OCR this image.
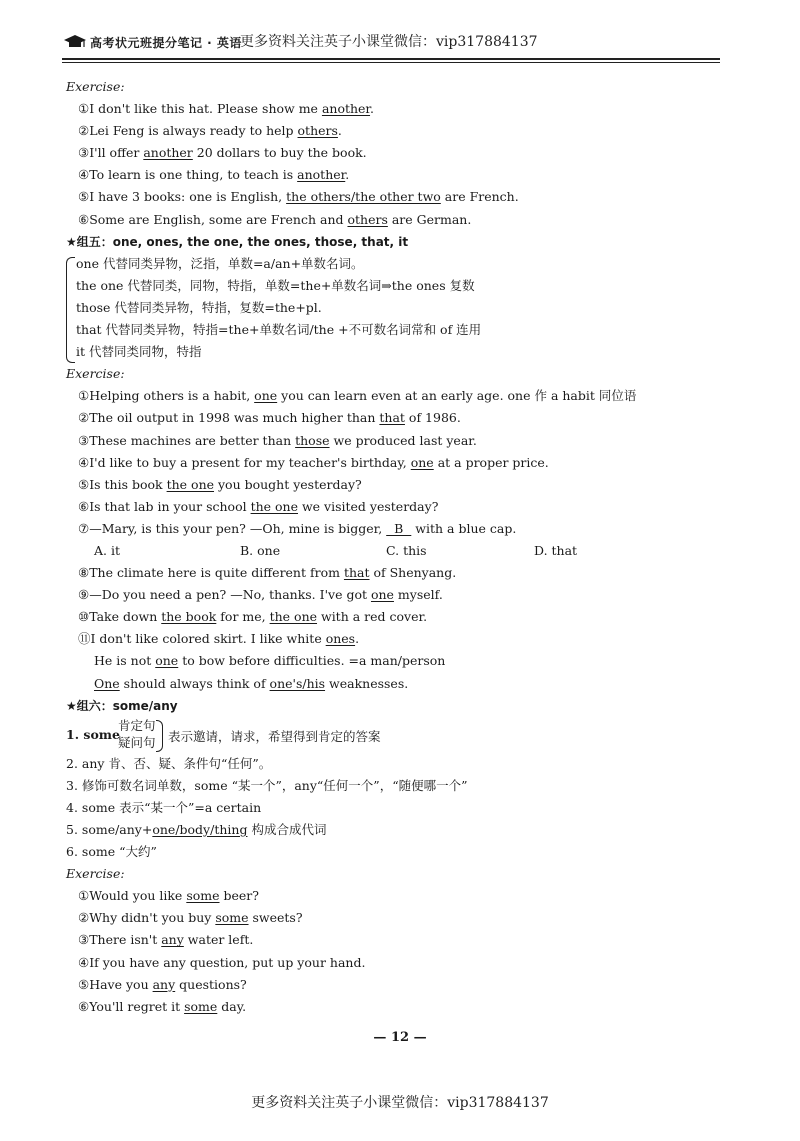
高考状元班提分笔记 · 英语
更多资料关注英子小课堂微信：vip317884137
Exercise:
①I don't like this hat. Please show me another.
②Lei Feng is always ready to help others.
③I'll offer another 20 dollars to buy the book.
④To learn is one thing, to teach is another.
⑤I have 3 books: one is English, the others/the other two are French.
⑥Some are English, some are French and others are German.
★组五：one, ones, the one, the ones, those, that, it
one 代替同类异物，泛指，单数=a/an+单数名词。
the one 代替同类，同物，特指，单数=the+单数名词⇒the ones 复数
those 代替同类异物，特指，复数=the+pl.
that 代替同类异物，特指=the+单数名词/the +不可数名词常和 of 连用
it 代替同类同物，特指
Exercise:
①Helping others is a habit, one you can learn even at an early age. one 作 a habit 同位语
②The oil output in 1998 was much higher than that of 1986.
③These machines are better than those we produced last year.
④I'd like to buy a present for my teacher's birthday, one at a proper price.
⑤Is this book the one you bought yesterday?
⑥Is that lab in your school the one we visited yesterday?
⑦—Mary, is this your pen? —Oh, mine is bigger,   B   with a blue cap.
A. it	B. one	C. this	D. that
⑧The climate here is quite different from that of Shenyang.
⑨—Do you need a pen? —No, thanks. I've got one myself.
⑩Take down the book for me, the one with a red cover.
⑪I don't like colored skirt. I like white ones.
He is not one to bow before difficulties. =a man/person
One should always think of one's/his weaknesses.
★组六：some/any
1. some
肯定句
疑问句 表示邀请，请求，希望得到肯定的答案
2. any 肯、否、疑、条件句“任何”。
3. 修饰可数名词单数，some “某一个”，any“任何一个”，“随便哪一个”
4. some 表示“某一个”=a certain
5. some/any+one/body/thing 构成合成代词
6. some “大约”
Exercise:
①Would you like some beer?
②Why didn't you buy some sweets?
③There isn't any water left.
④If you have any question, put up your hand.
⑤Have you any questions?
⑥You'll regret it some day.
— 12 —
更多资料关注英子小课堂微信：vip317884137
